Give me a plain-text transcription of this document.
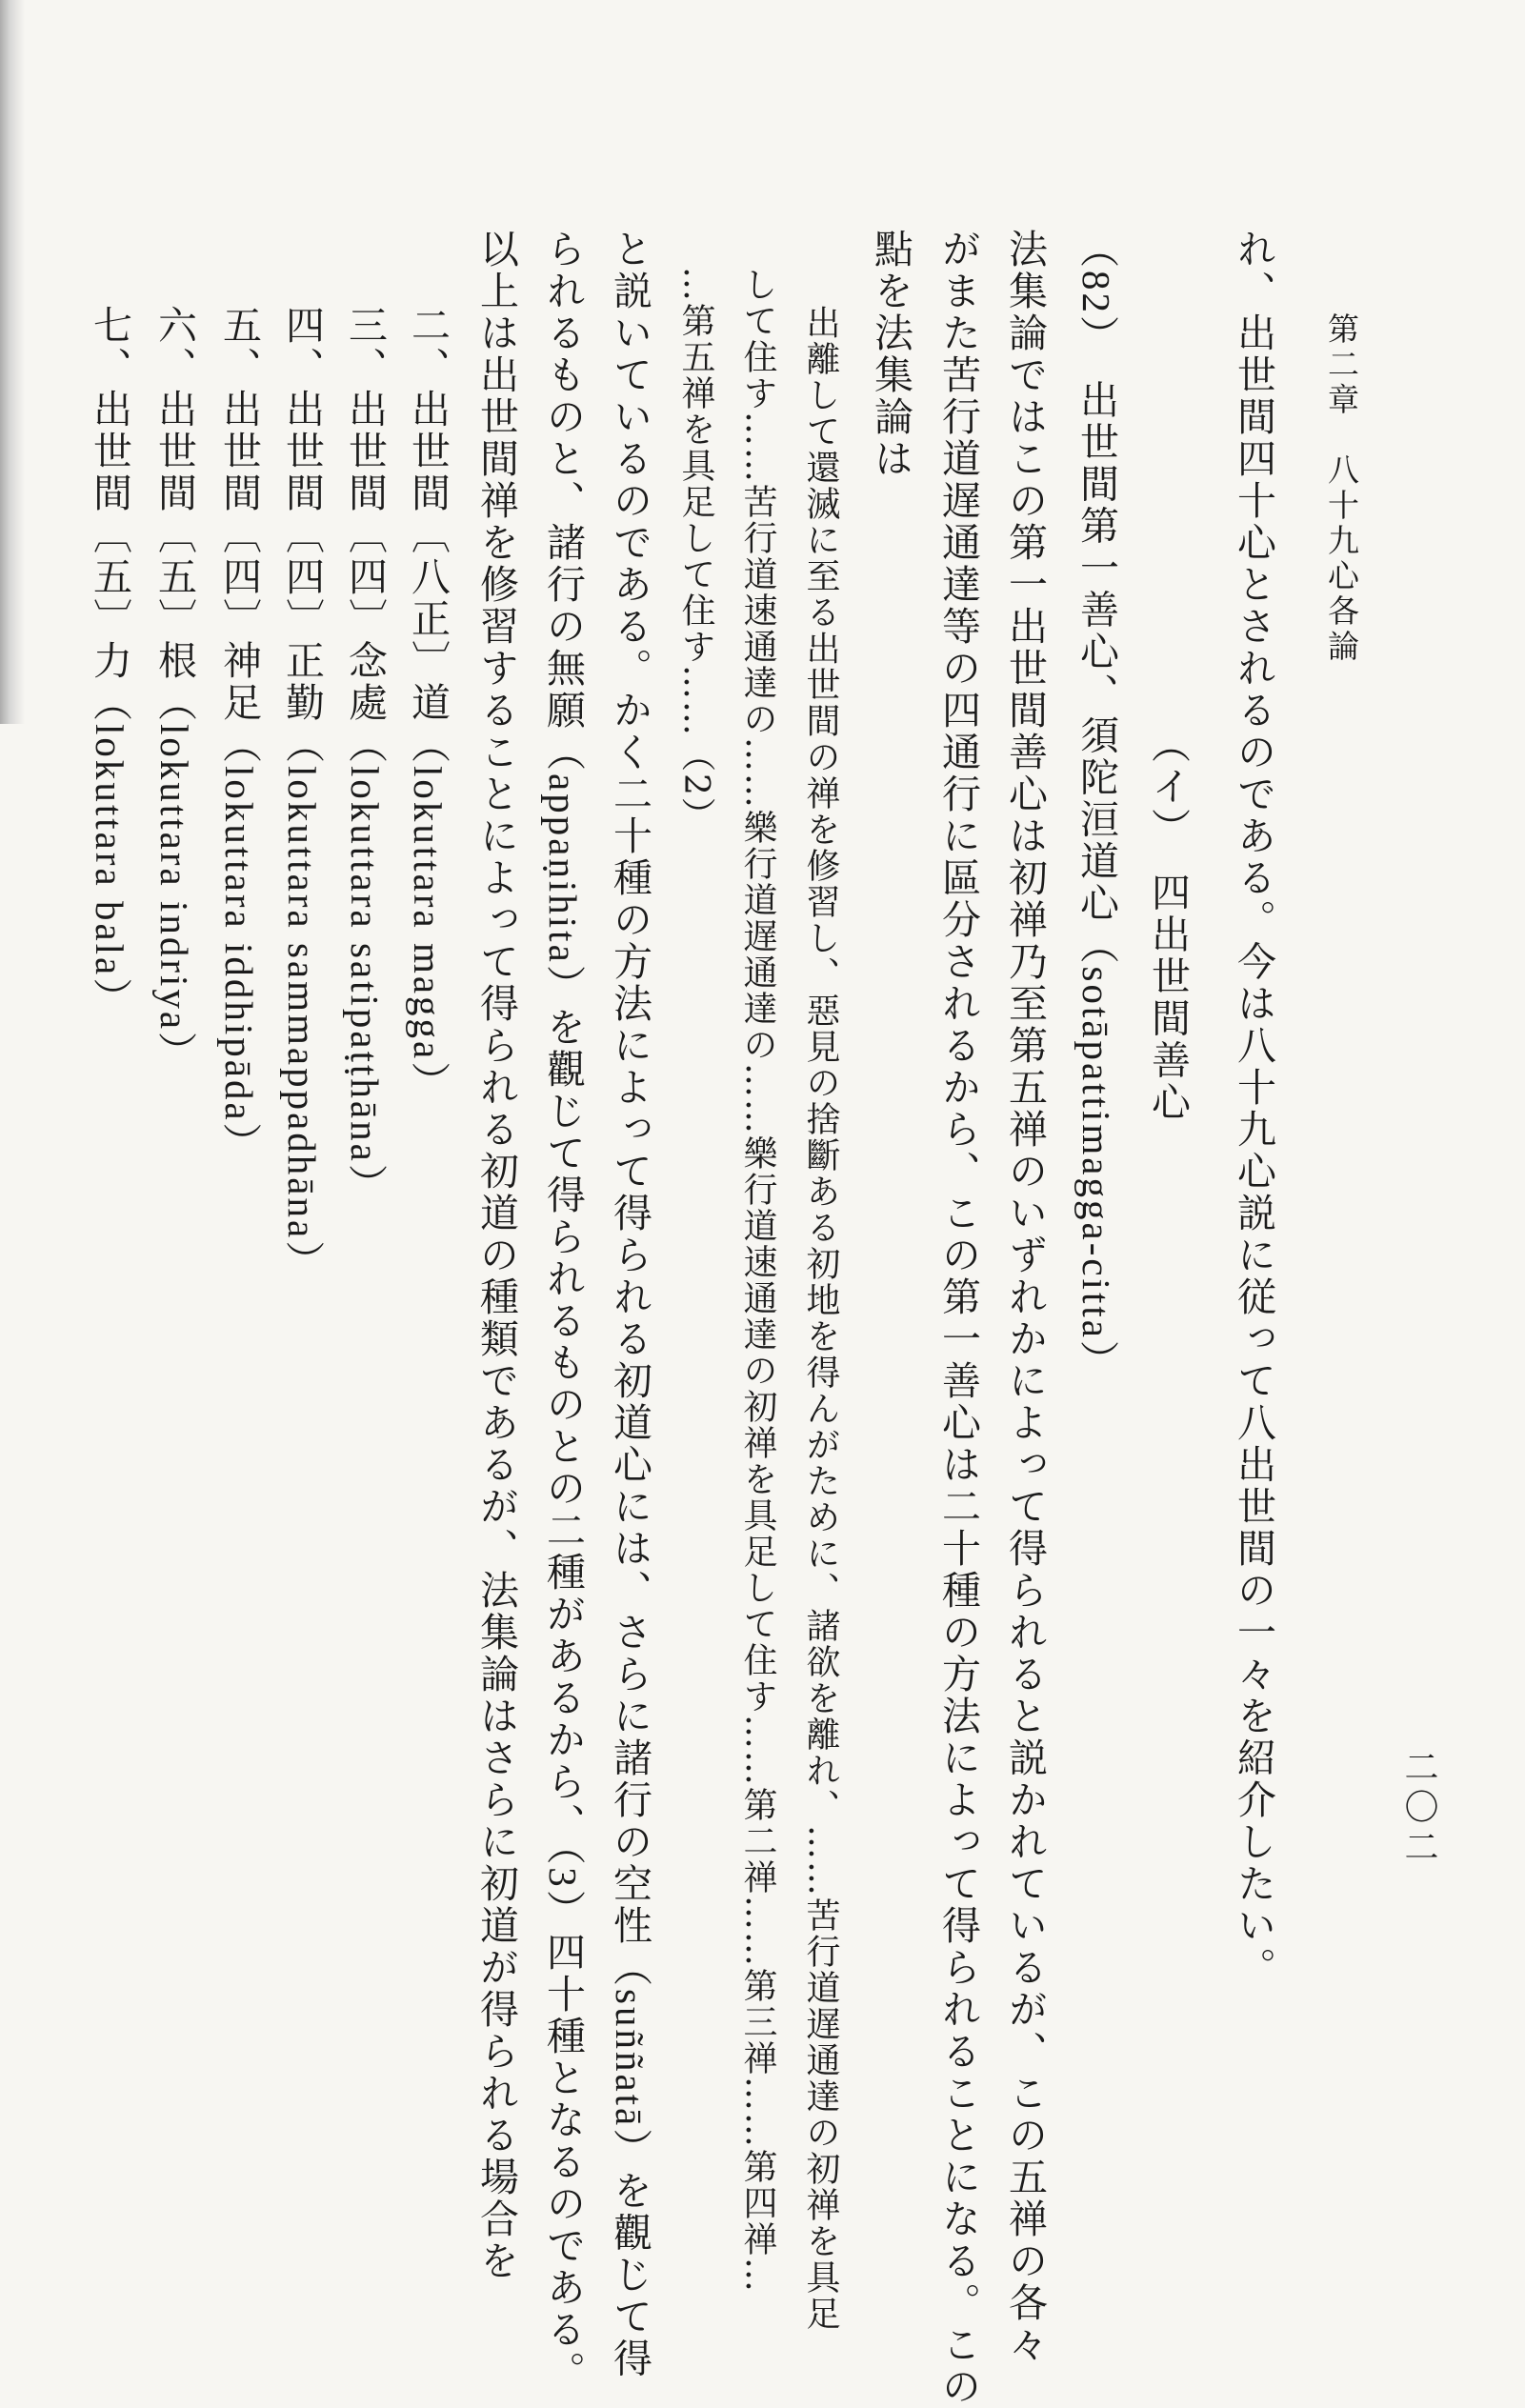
第二章　八十九心各論
二〇二
れ、出世間四十心とされるのである。今は八十九心説に従って八出世間の一々を紹介したい。
（イ）　四出世間善心
（82）　出世間第一善心、須陀洹道心（sotāpattimagga-citta）
法集論ではこの第一出世間善心は初禅乃至第五禅のいずれかによって得られると説かれているが、この五禅の各々
がまた苦行道遅通達等の四通行に區分されるから、この第一善心は二十種の方法によって得られることになる。この
點を法集論は
出離して還滅に至る出世間の禅を修習し、惡見の捨斷ある初地を得んがために、諸欲を離れ、……苦行道遅通達の初禅を具足
して住す……苦行道速通達の……樂行道遅通達の……樂行道速通達の初禅を具足して住す……第二禅……第三禅……第四禅…
…第五禅を具足して住す……（2）
と説いているのである。かく二十種の方法によって得られる初道心には、さらに諸行の空性（suññatā）を觀じて得
られるものと、諸行の無願（appaṇihita）を觀じて得られるものとの二種があるから、（3）四十種となるのである。
以上は出世間禅を修習することによって得られる初道の種類であるが、法集論はさらに初道が得られる場合を
二、出世間〔八正〕道（lokuttara magga）
三、出世間〔四〕念處（lokuttara satipaṭṭhāna）
四、出世間〔四〕正勤（lokuttara sammappadhāna）
五、出世間〔四〕神足（lokuttara iddhipāda）
六、出世間〔五〕根（lokuttara indriya）
七、出世間〔五〕力（lokuttara bala）
